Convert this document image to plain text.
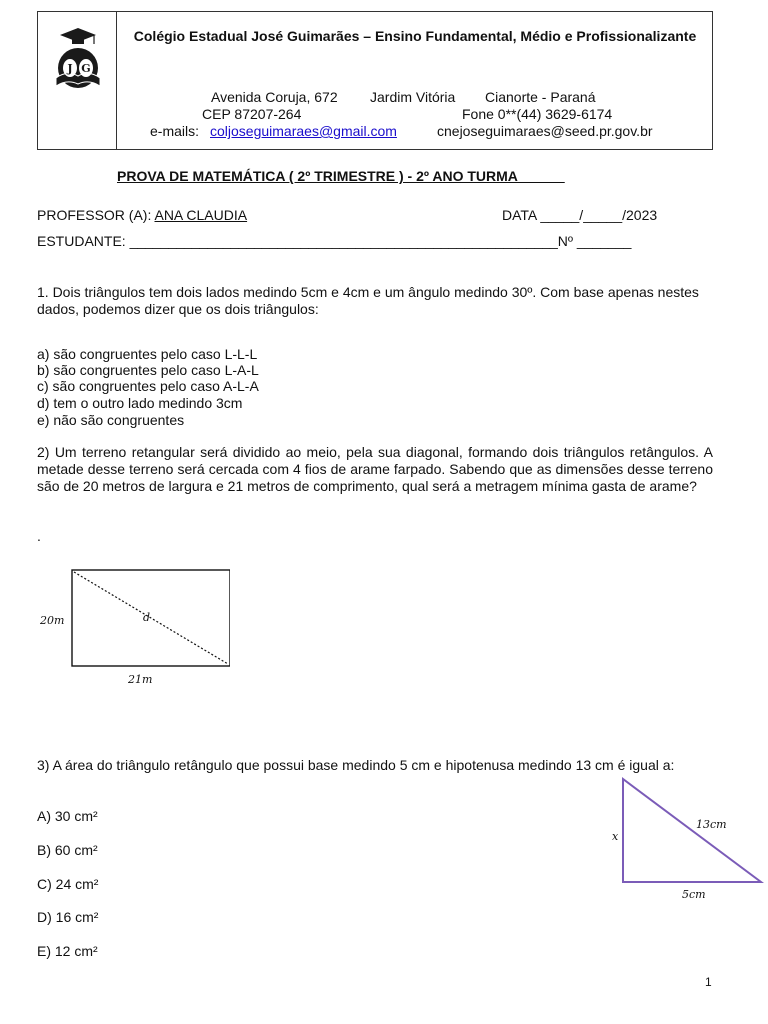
J G
Colégio Estadual José Guimarães – Ensino Fundamental, Médio e Profissionalizante
Avenida Coruja, 672 Jardim Vitória Cianorte - Paraná
CEP 87207-264	Fone 0**(44) 3629-6174
e-mails: coljoseguimaraes@gmail.com	cnejoseguimaraes@seed.pr.gov.br
PROVA DE MATEMÁTICA ( 2º TRIMESTRE ) - 2º ANO TURMA______
PROFESSOR (A): ANA CLAUDIA	DATA _____/_____/2023
ESTUDANTE: _______________________________________________________Nº _______
1. Dois triângulos tem dois lados medindo 5cm e 4cm e um ângulo medindo 30º. Com base apenas nestes dados, podemos dizer que os dois triângulos:
a) são congruentes pelo caso L-L-L
b) são congruentes pelo caso L-A-L
c) são congruentes pelo caso A-L-A
d) tem o outro lado medindo 3cm
e) não são congruentes
2) Um terreno retangular será dividido ao meio, pela sua diagonal, formando dois triângulos retângulos. A metade desse terreno será cercada com 4 fios de arame farpado. Sabendo que as dimensões desse terreno são de 20 metros de largura e 21 metros de comprimento, qual será a metragem mínima gasta de arame?
.
20m	d
21m
3) A área do triângulo retângulo que possui base medindo 5 cm e hipotenusa medindo 13 cm é igual a:
A) 30 cm²
B) 60 cm²
C) 24 cm²
D) 16 cm²
E) 12 cm²
x
13cm
5cm
1
